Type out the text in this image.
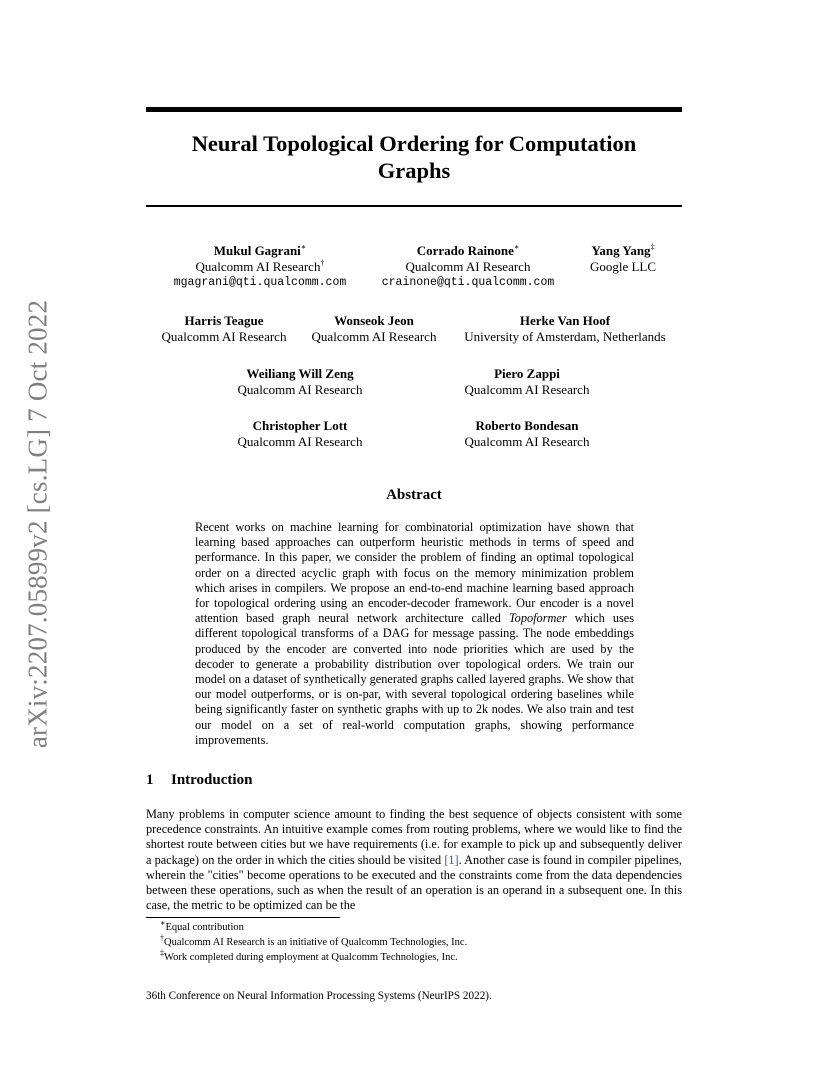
arXiv:2207.05899v2 [cs.LG] 7 Oct 2022
Neural Topological Ordering for Computation
Graphs
Mukul Gagrani∗
Qualcomm AI Research†
mgagrani@qti.qualcomm.com
Corrado Rainone∗
Qualcomm AI Research
crainone@qti.qualcomm.com
Yang Yang‡
Google LLC
Harris Teague
Qualcomm AI Research
Wonseok Jeon
Qualcomm AI Research
Herke Van Hoof
University of Amsterdam, Netherlands
Weiliang Will Zeng
Qualcomm AI Research
Piero Zappi
Qualcomm AI Research
Christopher Lott
Qualcomm AI Research
Roberto Bondesan
Qualcomm AI Research
Abstract

Recent works on machine learning for combinatorial optimization have shown that learning based approaches can outperform heuristic methods in terms of speed and performance. In this paper, we consider the problem of finding an optimal topological order on a directed acyclic graph with focus on the memory minimization problem which arises in compilers. We propose an end-to-end machine learning based approach for topological ordering using an encoder-decoder framework. Our encoder is a novel attention based graph neural network architecture called Topoformer which uses different topological transforms of a DAG for message passing. The node embeddings produced by the encoder are converted into node priorities which are used by the decoder to generate a probability distribution over topological orders. We train our model on a dataset of synthetically generated graphs called layered graphs. We show that our model outperforms, or is on-par, with several topological ordering baselines while being significantly faster on synthetic graphs with up to 2k nodes. We also train and test our model on a set of real-world computation graphs, showing performance improvements.

1 Introduction

Many problems in computer science amount to finding the best sequence of objects consistent with some precedence constraints. An intuitive example comes from routing problems, where we would like to find the shortest route between cities but we have requirements (i.e. for example to pick up and subsequently deliver a package) on the order in which the cities should be visited [1]. Another case is found in compiler pipelines, wherein the "cities" become operations to be executed and the constraints come from the data dependencies between these operations, such as when the result of an operation is an operand in a subsequent one. In this case, the metric to be optimized can be the

∗Equal contribution
†Qualcomm AI Research is an initiative of Qualcomm Technologies, Inc.
‡Work completed during employment at Qualcomm Technologies, Inc.
36th Conference on Neural Information Processing Systems (NeurIPS 2022).
